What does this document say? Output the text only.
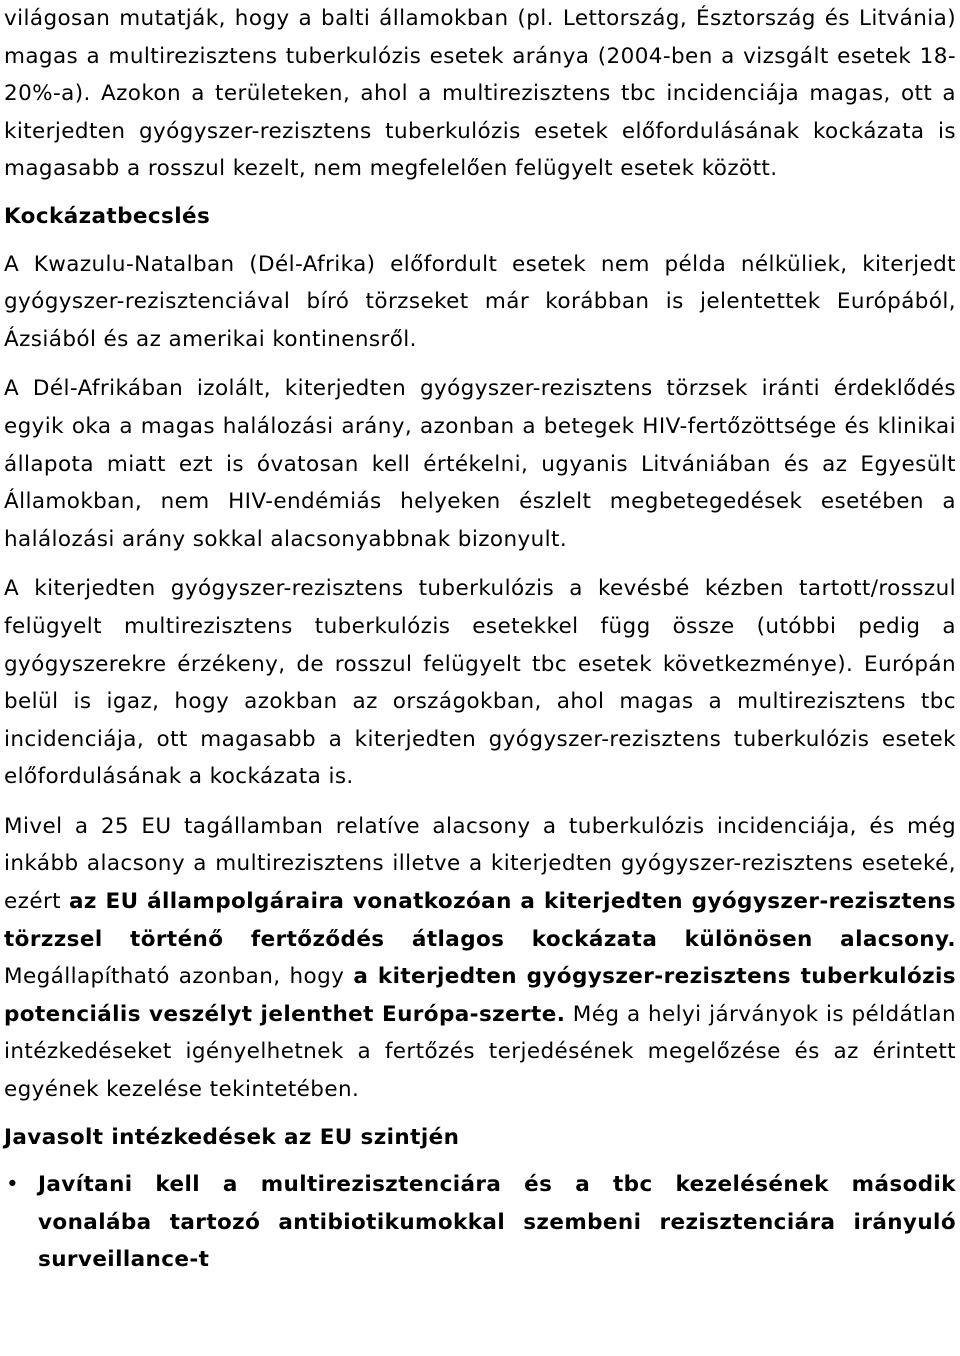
világosan mutatják, hogy a balti államokban (pl. Lettország, Észtország és Litvánia) magas a multirezisztens tuberkulózis esetek aránya (2004-ben a vizsgált esetek 18-20%-a). Azokon a területeken, ahol a multirezisztens tbc incidenciája magas, ott a kiterjedten gyógyszer-rezisztens tuberkulózis esetek előfordulásának kockázata is magasabb a rosszul kezelt, nem megfelelően felügyelt esetek között.

Kockázatbecslés

A Kwazulu-Natalban (Dél-Afrika) előfordult esetek nem példa nélküliek, kiterjedt gyógyszer-rezisztenciával bíró törzseket már korábban is jelentettek Európából, Ázsiából és az amerikai kontinensről.

A Dél-Afrikában izolált, kiterjedten gyógyszer-rezisztens törzsek iránti érdeklődés egyik oka a magas halálozási arány, azonban a betegek HIV-fertőzöttsége és klinikai állapota miatt ezt is óvatosan kell értékelni, ugyanis Litvániában és az Egyesült Államokban, nem HIV-endémiás helyeken észlelt megbetegedések esetében a halálozási arány sokkal alacsonyabbnak bizonyult.

A kiterjedten gyógyszer-rezisztens tuberkulózis a kevésbé kézben tartott/rosszul felügyelt multirezisztens tuberkulózis esetekkel függ össze (utóbbi pedig a gyógyszerekre érzékeny, de rosszul felügyelt tbc esetek következménye). Európán belül is igaz, hogy azokban az országokban, ahol magas a multirezisztens tbc incidenciája, ott magasabb a kiterjedten gyógyszer-rezisztens tuberkulózis esetek előfordulásának a kockázata is.

Mivel a 25 EU tagállamban relatíve alacsony a tuberkulózis incidenciája, és még inkább alacsony a multirezisztens illetve a kiterjedten gyógyszer-rezisztens eseteké, ezért az EU állampolgáraira vonatkozóan a kiterjedten gyógyszer-rezisztens törzzsel történő fertőződés átlagos kockázata különösen alacsony. Megállapítható azonban, hogy a kiterjedten gyógyszer-rezisztens tuberkulózis potenciális veszélyt jelenthet Európa-szerte. Még a helyi járványok is példátlan intézkedéseket igényelhetnek a fertőzés terjedésének megelőzése és az érintett egyének kezelése tekintetében.

Javasolt intézkedések az EU szintjén
• Javítani kell a multirezisztenciára és a tbc kezelésének második vonalába tartozó antibiotikumokkal szembeni rezisztenciára irányuló surveillance-t
